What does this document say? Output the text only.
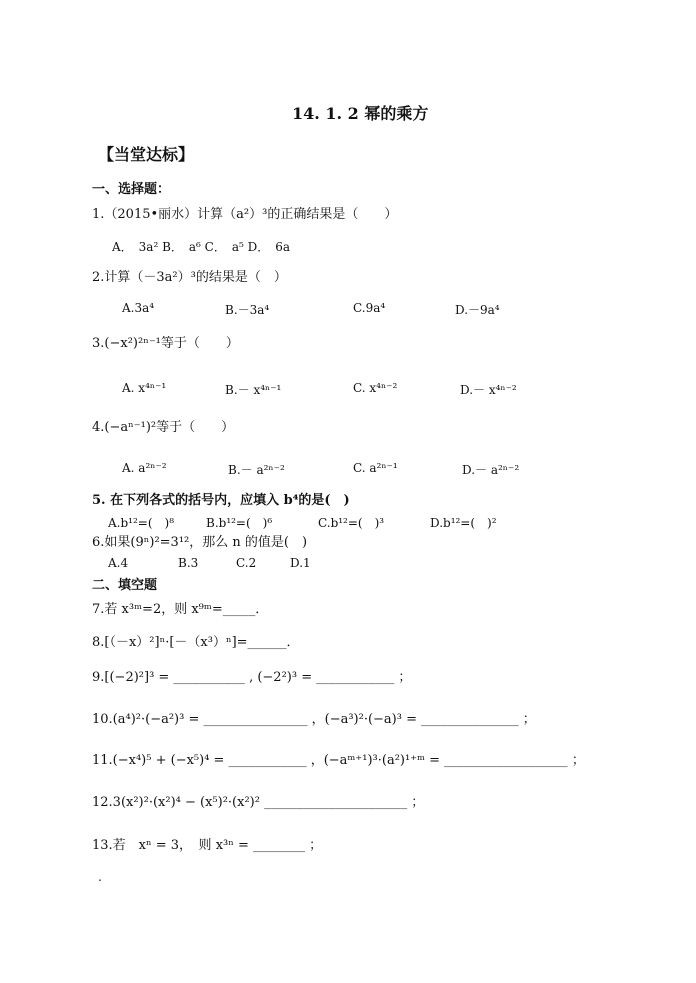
14. 1. 2 幂的乘方
【当堂达标】
一、选择题：
1.（2015•丽水）计算（a²）³的正确结果是（　　）
A．　3a² B．　a⁶ C．　a⁵ D．　6a
2.计算（－3a²）³的结果是（　）
A.3a⁴	B.－3a⁴	C.9a⁴	D.－9a⁴
3.(−x²)²ⁿ⁻¹等于（　　）
A. x⁴ⁿ⁻¹	B.－ x⁴ⁿ⁻¹	C. x⁴ⁿ⁻²	D.－ x⁴ⁿ⁻²
4.(−aⁿ⁻¹)²等于（　　）
A. a²ⁿ⁻²	B.－ a²ⁿ⁻²	C. a²ⁿ⁻¹	D.－ a²ⁿ⁻²
5. 在下列各式的括号内，应填入 b⁴的是(　)
A.b¹²=(　)⁸	B.b¹²=(　)⁶	C.b¹²=(　)³	D.b¹²=(　)²
6.如果(9ⁿ)²=3¹²，那么 n 的值是(　)
A.4	B.3	C.2	D.1
二、填空题
7.若 x³ᵐ=2，则 x⁹ᵐ=_____．
8.[（－x）²]ⁿ·[－（x³）ⁿ]=______．
9.[(−2)²]³ = ___________ , (−2²)³ = ____________ ；
10.(a⁴)²·(−a²)³ = ________________ ，(−a³)²·(−a)³ = _______________ ；
11.(−x⁴)⁵ + (−x⁵)⁴ = ____________ ，(−aᵐ⁺¹)³·(a²)¹⁺ᵐ = ___________________ ；
12.3(x²)²·(x²)⁴ − (x⁵)²·(x²)² ______________________ ；
13.若　xⁿ = 3，　则 x³ⁿ = ________ ；
.
